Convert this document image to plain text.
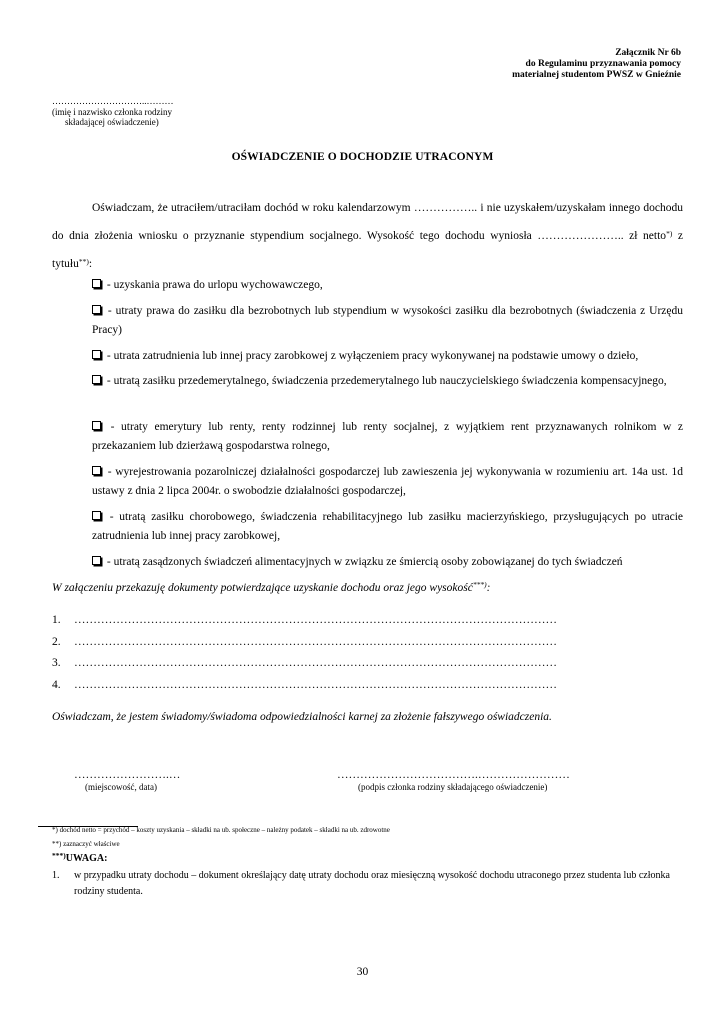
Załącznik Nr 6b
do Regulaminu przyznawania pomocy
materialnej studentom PWSZ w Gnieźnie
…………………………..………
(imię i nazwisko członka rodziny
składającej oświadczenie)
OŚWIADCZENIE O DOCHODZIE UTRACONYM
Oświadczam, że utraciłem/utraciłam dochód w roku kalendarzowym …………….. i nie uzyskałem/uzyskałam innego dochodu do dnia złożenia wniosku o przyznanie stypendium socjalnego. Wysokość tego dochodu wyniosła ………………….. zł netto*) z tytułu**):
- uzyskania prawa do urlopu wychowawczego,
- utraty prawa do zasiłku dla bezrobotnych lub stypendium w wysokości zasiłku dla bezrobotnych (świadczenia z Urzędu Pracy)
- utrata zatrudnienia lub innej pracy zarobkowej z wyłączeniem pracy wykonywanej na podstawie umowy o dzieło,
- utratą zasiłku przedemerytalnego, świadczenia przedemerytalnego lub nauczycielskiego świadczenia kompensacyjnego,
- utraty emerytury lub renty, renty rodzinnej lub renty socjalnej, z wyjątkiem rent przyznawanych rolnikom w z przekazaniem lub dzierżawą gospodarstwa rolnego,
- wyrejestrowania pozarolniczej działalności gospodarczej lub zawieszenia jej wykonywania w rozumieniu art. 14a ust. 1d ustawy z dnia 2 lipca 2004r. o swobodzie działalności gospodarczej,
- utratą zasiłku chorobowego, świadczenia rehabilitacyjnego lub zasiłku macierzyńskiego, przysługujących po utracie zatrudnienia lub innej pracy zarobkowej,
- utratą zasądzonych świadczeń alimentacyjnych w związku ze śmiercią osoby zobowiązanej do tych świadczeń
W załączeniu przekazuję dokumenty potwierdzające uzyskanie dochodu oraz jego wysokość***):
1.	………………………………………………………………………………………………………………
2.	………………………………………………………………………………………………………………
3.	………………………………………………………………………………………………………………
4.	………………………………………………………………………………………………………………
Oświadczam, że jestem świadomy/świadoma odpowiedzialności karnej za złożenie fałszywego oświadczenia.
…………………….…
(miejscowość, data)
……………………………….……………………
(podpis członka rodziny składającego oświadczenie)
*) dochód netto = przychód – koszty uzyskania – składki na ub. społeczne – należny podatek – składki na ub. zdrowotne
**) zaznaczyć właściwe
***)UWAGA:
1.	w przypadku utraty dochodu – dokument określający datę utraty dochodu oraz miesięczną wysokość dochodu utraconego przez studenta lub członka rodziny studenta.
30
